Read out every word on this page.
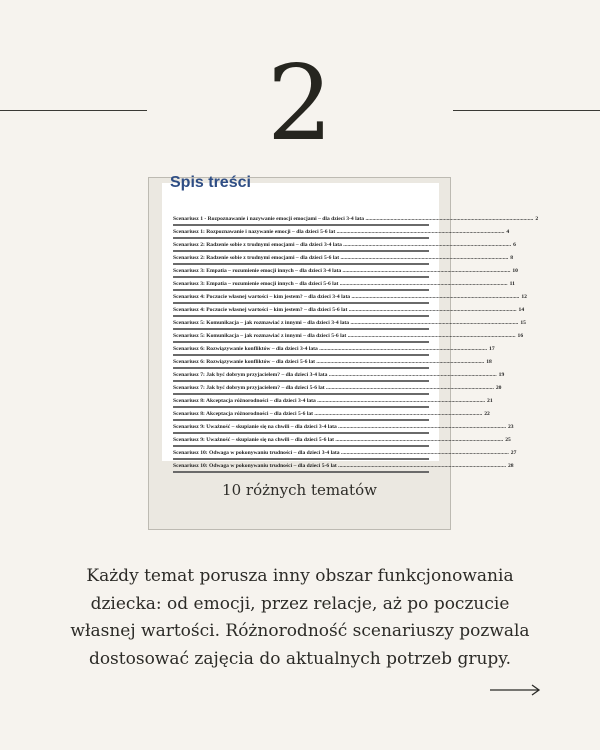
2
Spis treści
Scenariusz 1 - Rozpoznawanie i nazywanie emocji emocjami – dla dzieci 3-4 lata ........................................................................................................................ 2
Scenariusz 1: Rozpoznawanie i nazywanie emocji – dla dzieci 5-6 lat ........................................................................................................................ 4
Scenariusz 2: Radzenie sobie z trudnymi emocjami – dla dzieci 3-4 lata ........................................................................................................................ 6
Scenariusz 2: Radzenie sobie z trudnymi emocjami – dla dzieci 5-6 lat ........................................................................................................................ 8
Scenariusz 3: Empatia – rozumienie emocji innych – dla dzieci 3-4 lata ........................................................................................................................ 10
Scenariusz 3: Empatia – rozumienie emocji innych – dla dzieci 5-6 lat ........................................................................................................................ 11
Scenariusz 4: Poczucie własnej wartości – kim jestem? – dla dzieci 3-4 lata ........................................................................................................................ 12
Scenariusz 4: Poczucie własnej wartości – kim jestem? – dla dzieci 5-6 lat ........................................................................................................................ 14
Scenariusz 5: Komunikacja – jak rozmawiać z innymi – dla dzieci 3-4 lata ........................................................................................................................ 15
Scenariusz 5: Komunikacja – jak rozmawiać z innymi – dla dzieci 5-6 lat ........................................................................................................................ 16
Scenariusz 6: Rozwiązywanie konfliktów – dla dzieci 3-4 lata ........................................................................................................................ 17
Scenariusz 6: Rozwiązywanie konfliktów – dla dzieci 5-6 lat ........................................................................................................................ 18
Scenariusz 7: Jak być dobrym przyjacielem? – dla dzieci 3-4 lata ........................................................................................................................ 19
Scenariusz 7: Jak być dobrym przyjacielem? – dla dzieci 5-6 lat ........................................................................................................................ 20
Scenariusz 8: Akceptacja różnorodności – dla dzieci 3-4 lata ........................................................................................................................ 21
Scenariusz 8: Akceptacja różnorodności – dla dzieci 5-6 lat ........................................................................................................................ 22
Scenariusz 9: Uważność – skupianie się na chwili – dla dzieci 3-4 lata ........................................................................................................................ 23
Scenariusz 9: Uważność – skupianie się na chwili – dla dzieci 5-6 lat ........................................................................................................................ 25
Scenariusz 10: Odwaga w pokonywaniu trudności – dla dzieci 3-4 lata ........................................................................................................................ 27
Scenariusz 10: Odwaga w pokonywaniu trudności – dla dzieci 5-6 lat ........................................................................................................................ 28
10 różnych tematów
Każdy temat porusza inny obszar funkcjonowania
dziecka: od emocji, przez relacje, aż po poczucie
własnej wartości. Różnorodność scenariuszy pozwala
dostosować zajęcia do aktualnych potrzeb grupy.
